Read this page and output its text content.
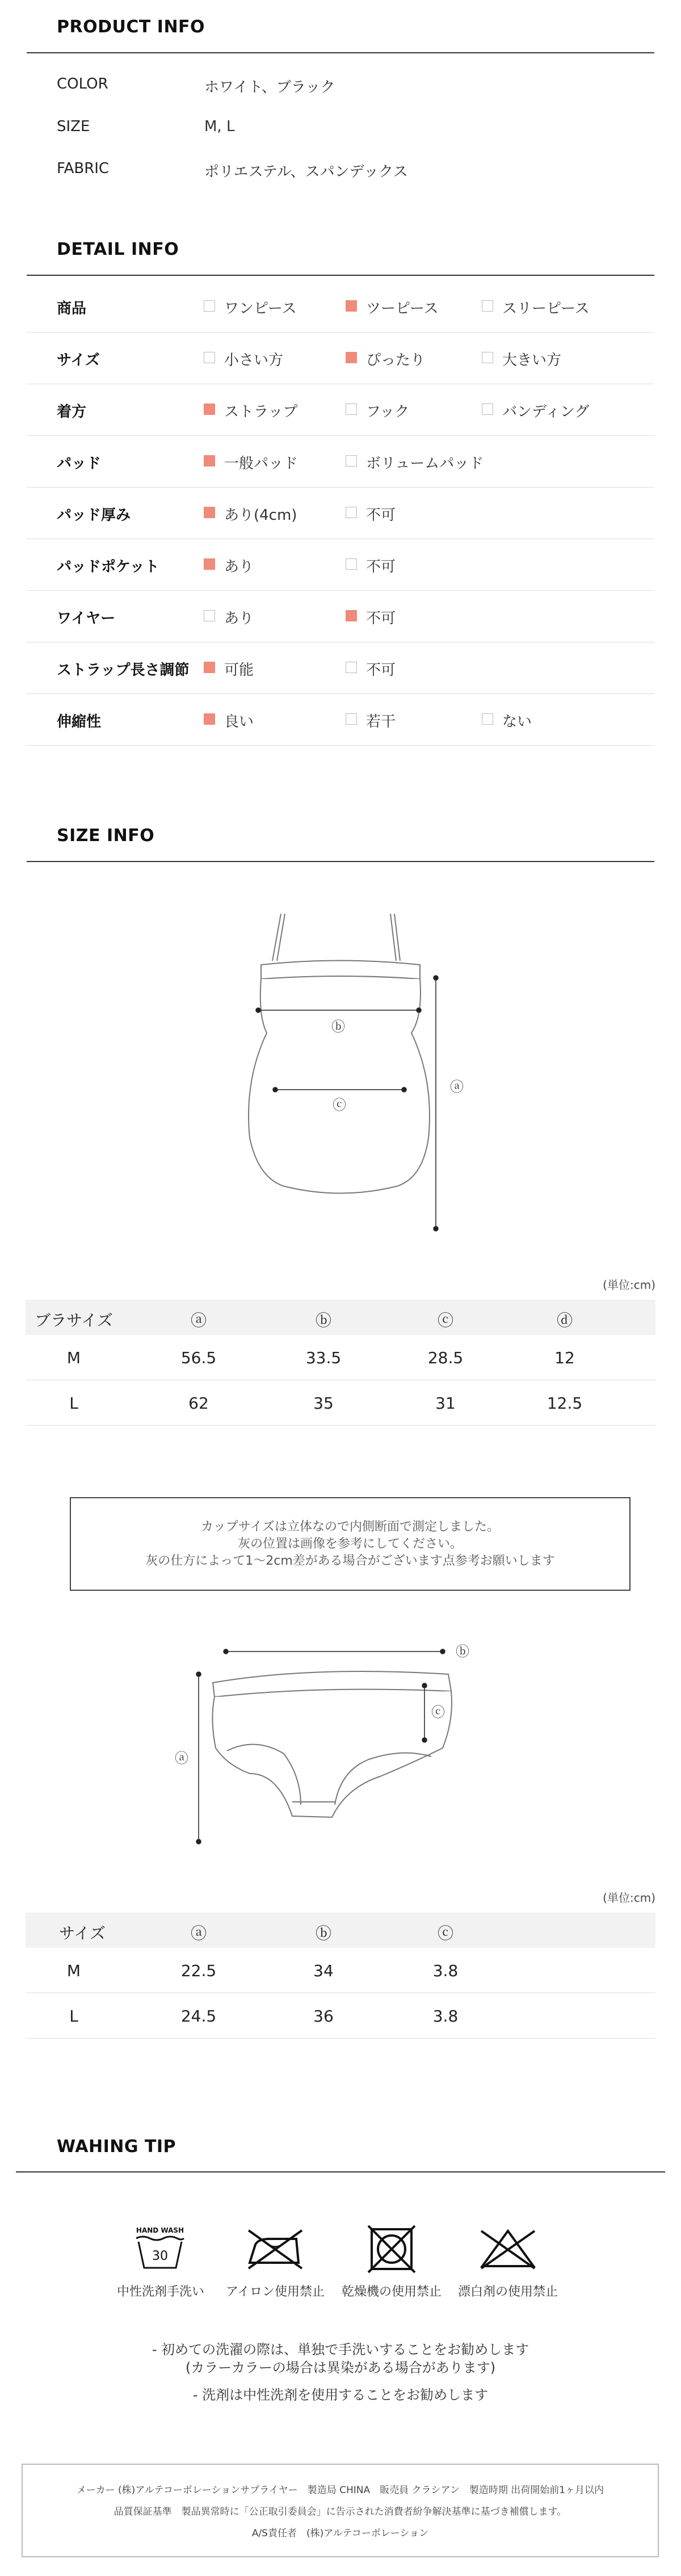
PRODUCT INFO
COLOR	ホワイト、ブラック
SIZE	M, L
FABRIC	ポリエステル、スパンデックス
DETAIL INFO
商品	ワンピース	ツーピース	スリーピース
サイズ	小さい方	ぴったり	大きい方
着方	ストラップ	フック	バンディング
パッド	一般パッド	ボリュームパッド
パッド厚み	あり(4cm)	不可
パッドポケット	あり	不可
ワイヤー	あり	不可
ストラップ長さ調節 可能	不可
伸縮性	良い	若干	ない
SIZE INFO
ⓑ
ⓒ
ⓐ
(単位:cm)
ブラサイズ	ⓐ	ⓑ	ⓒ	ⓓ
M	56.5	33.5	28.5	12
L	62	35	31	12.5
カップサイズは立体なので内側断面で測定しました。
灰の位置は画像を参考にしてください。
灰の仕方によって1～2cm差がある場合がございます点参考お願いします
ⓑ
ⓒ
ⓐ
(単位:cm)
サイズ	ⓐ	ⓑ	ⓒ
M	22.5	34	3.8
L	24.5	36	3.8
WAHING TIP
HAND WASH
30
中性洗剤手洗い	アイロン使用禁止	乾燥機の使用禁止	漂白剤の使用禁止
- 初めての洗濯の際は、単独で手洗いすることをお勧めします
(カラーカラーの場合は異染がある場合があります)
- 洗剤は中性洗剤を使用することをお勧めします
メーカー (株)アルテコーポレーションサプライヤー　製造局 CHINA　販売員 クラシアン　製造時期 出荷開始前1ヶ月以内
品質保証基準　製品異常時に「公正取引委員会」に告示された消費者紛争解決基準に基づき補償します。
A/S責任者　(株)アルテコーポレーション
